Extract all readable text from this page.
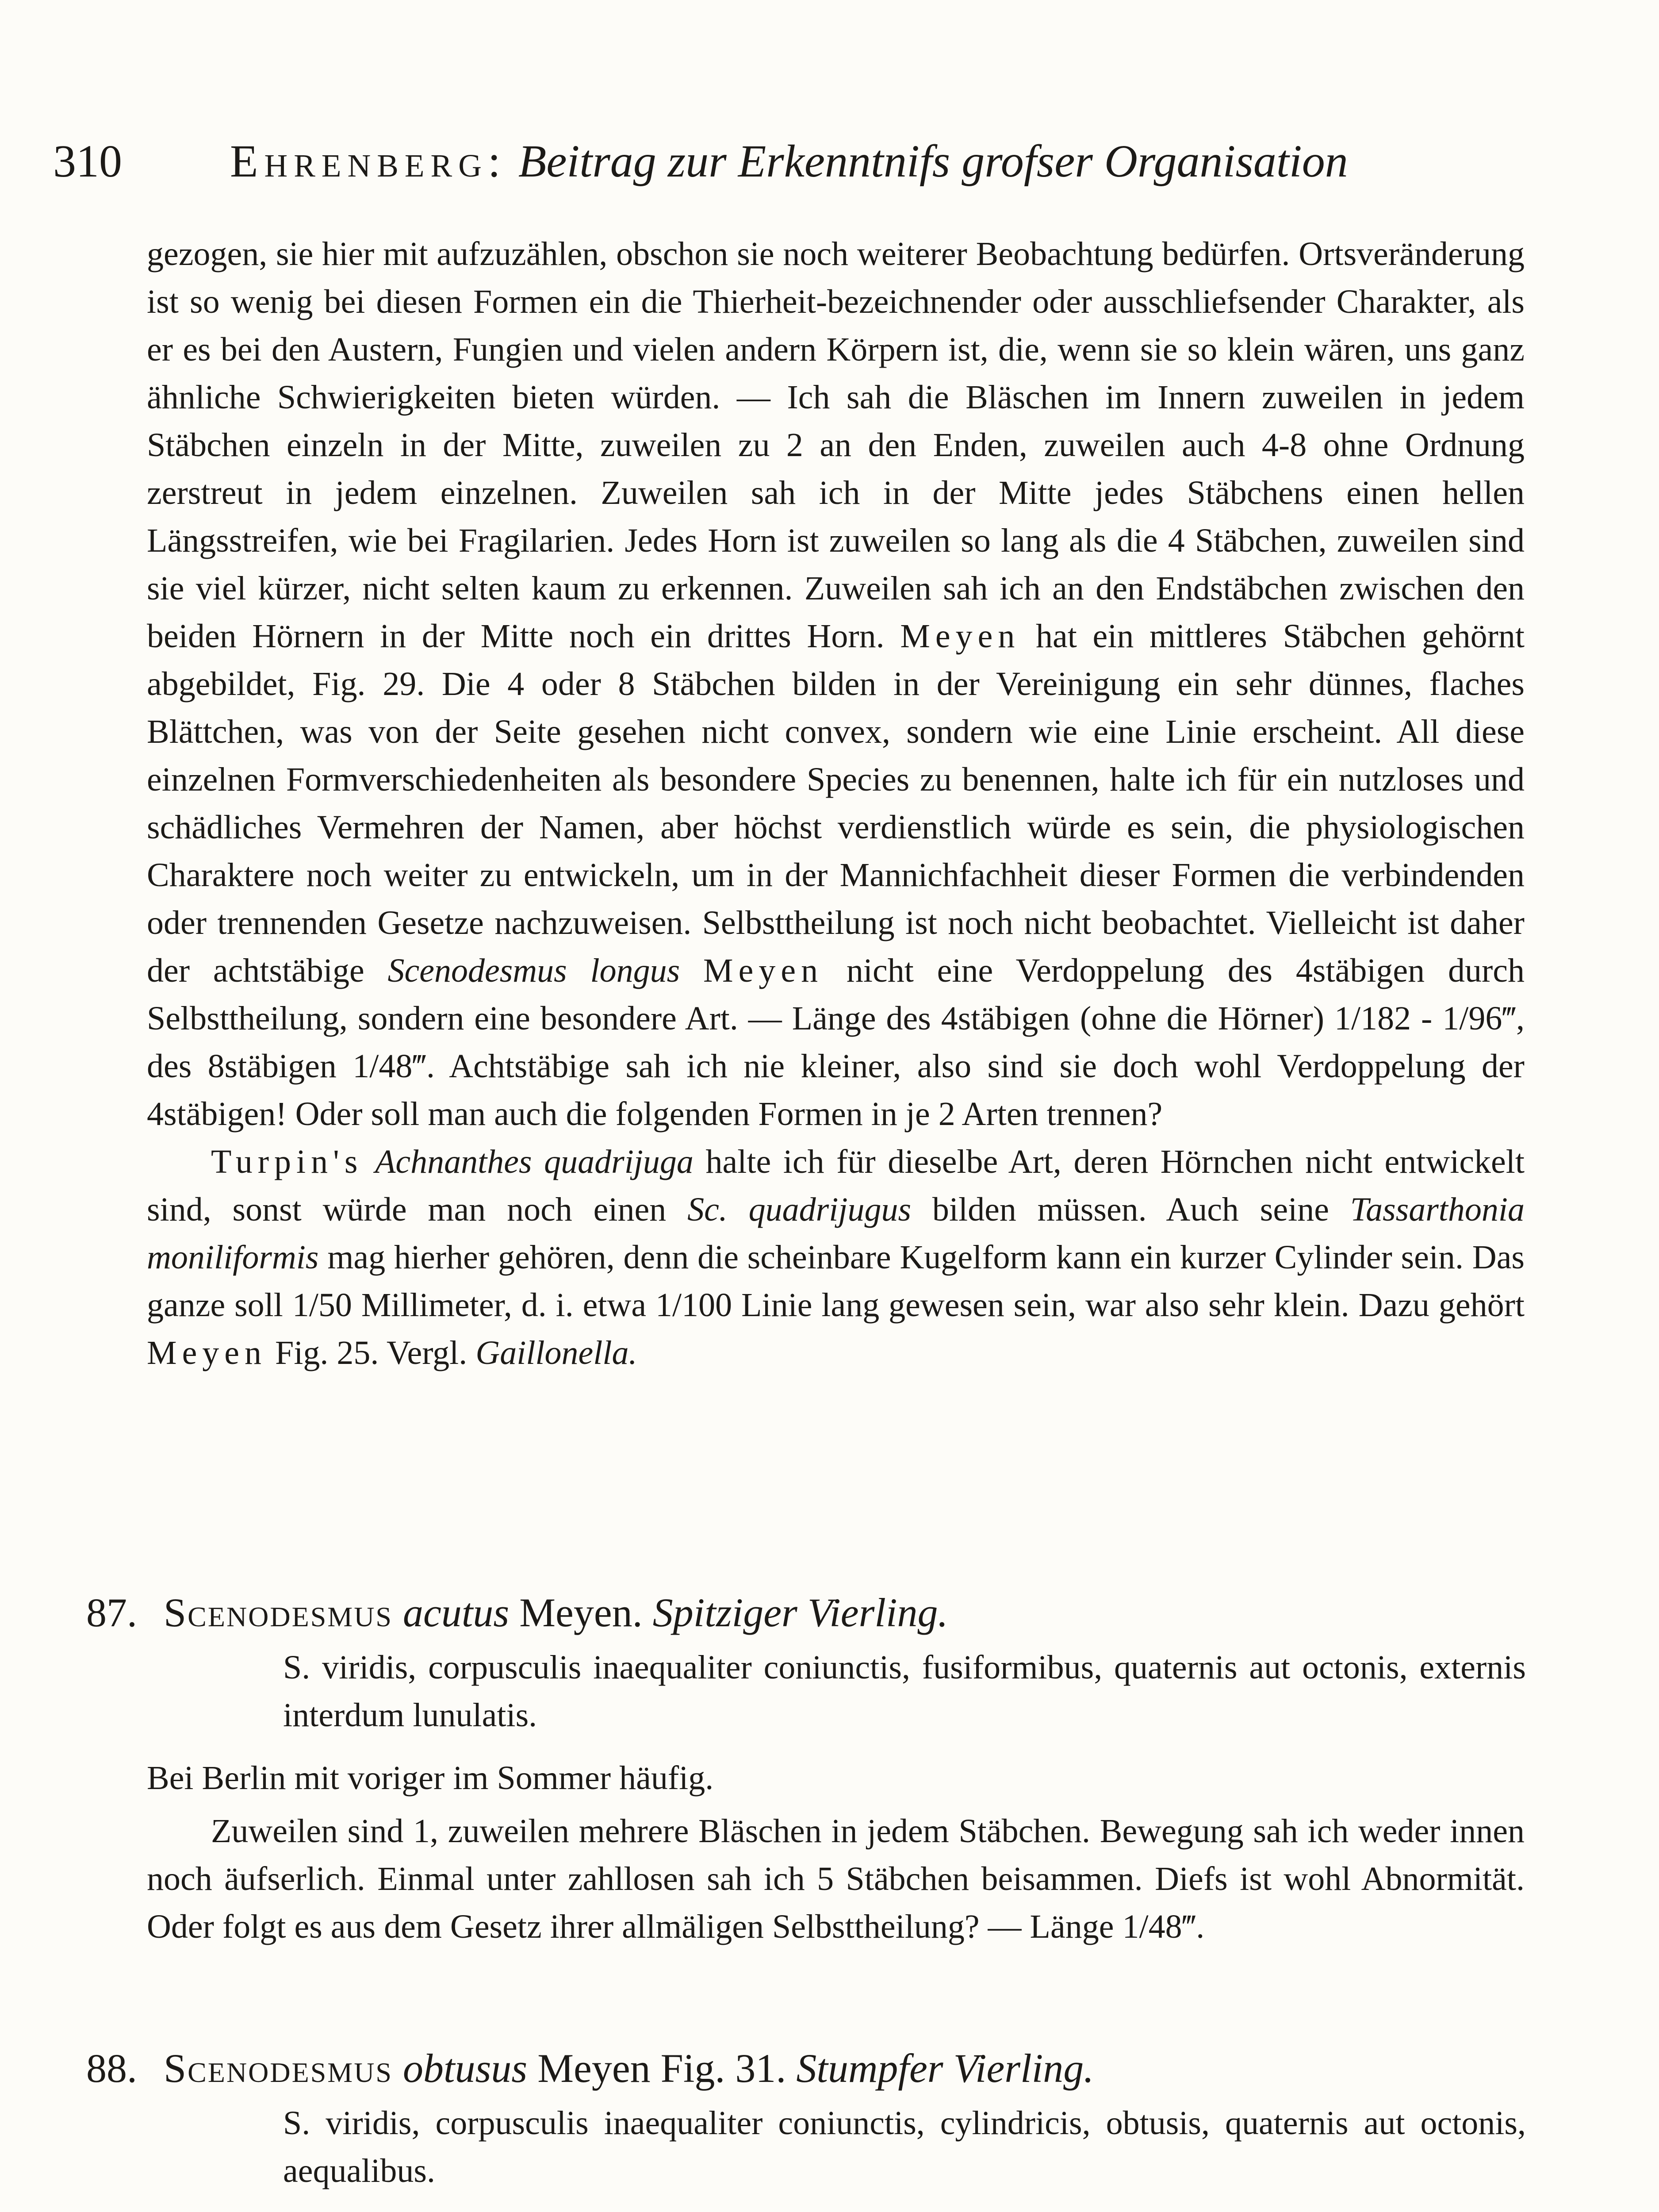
310 Ehrenberg: Beitrag zur Erkenntnifs grofser Organisation

gezogen, sie hier mit aufzuzählen, obschon sie noch weiterer Beobachtung bedürfen. Ortsveränderung ist so wenig bei diesen Formen ein die Thierheit-bezeichnender oder ausschliefsender Charakter, als er es bei den Austern, Fungien und vielen andern Körpern ist, die, wenn sie so klein wären, uns ganz ähnliche Schwierigkeiten bieten würden. — Ich sah die Bläschen im Innern zuweilen in jedem Stäbchen einzeln in der Mitte, zuweilen zu 2 an den Enden, zuweilen auch 4-8 ohne Ordnung zerstreut in jedem einzelnen. Zuweilen sah ich in der Mitte jedes Stäbchens einen hellen Längsstreifen, wie bei Fragilarien. Jedes Horn ist zuweilen so lang als die 4 Stäbchen, zuweilen sind sie viel kürzer, nicht selten kaum zu erkennen. Zuweilen sah ich an den Endstäbchen zwischen den beiden Hörnern in der Mitte noch ein drittes Horn. Meyen hat ein mittleres Stäbchen gehörnt abgebildet, Fig. 29. Die 4 oder 8 Stäbchen bilden in der Vereinigung ein sehr dünnes, flaches Blättchen, was von der Seite gesehen nicht convex, sondern wie eine Linie erscheint. All diese einzelnen Formverschiedenheiten als besondere Species zu benennen, halte ich für ein nutzloses und schädliches Vermehren der Namen, aber höchst verdienstlich würde es sein, die physiologischen Charaktere noch weiter zu entwickeln, um in der Mannichfachheit dieser Formen die verbindenden oder trennenden Gesetze nachzuweisen. Selbsttheilung ist noch nicht beobachtet. Vielleicht ist daher der achtstäbige Scenodesmus longus Meyen nicht eine Verdoppelung des 4stäbigen durch Selbsttheilung, sondern eine besondere Art. — Länge des 4stäbigen (ohne die Hörner) 1/182 - 1/96‴, des 8stäbigen 1/48‴. Achtstäbige sah ich nie kleiner, also sind sie doch wohl Verdoppelung der 4stäbigen! Oder soll man auch die folgenden Formen in je 2 Arten trennen?

Turpin's Achnanthes quadrijuga halte ich für dieselbe Art, deren Hörnchen nicht entwickelt sind, sonst würde man noch einen Sc. quadrijugus bilden müssen. Auch seine Tassarthonia moniliformis mag hierher gehören, denn die scheinbare Kugelform kann ein kurzer Cylinder sein. Das ganze soll 1/50 Millimeter, d. i. etwa 1/100 Linie lang gewesen sein, war also sehr klein. Dazu gehört Meyen Fig. 25. Vergl. Gaillonella.

87. Scenodesmus acutus Meyen. Spitziger Vierling.
S. viridis, corpusculis inaequaliter coniunctis, fusiformibus, quaternis aut octonis, externis interdum lunulatis.

Bei Berlin mit voriger im Sommer häufig.

Zuweilen sind 1, zuweilen mehrere Bläschen in jedem Stäbchen. Bewegung sah ich weder innen noch äufserlich. Einmal unter zahllosen sah ich 5 Stäbchen beisammen. Diefs ist wohl Abnormität. Oder folgt es aus dem Gesetz ihrer allmäligen Selbsttheilung? — Länge 1/48‴.

88. Scenodesmus obtusus Meyen Fig. 31. Stumpfer Vierling.
S. viridis, corpusculis inaequaliter coniunctis, cylindricis, obtusis, quaternis aut octonis, aequalibus.
